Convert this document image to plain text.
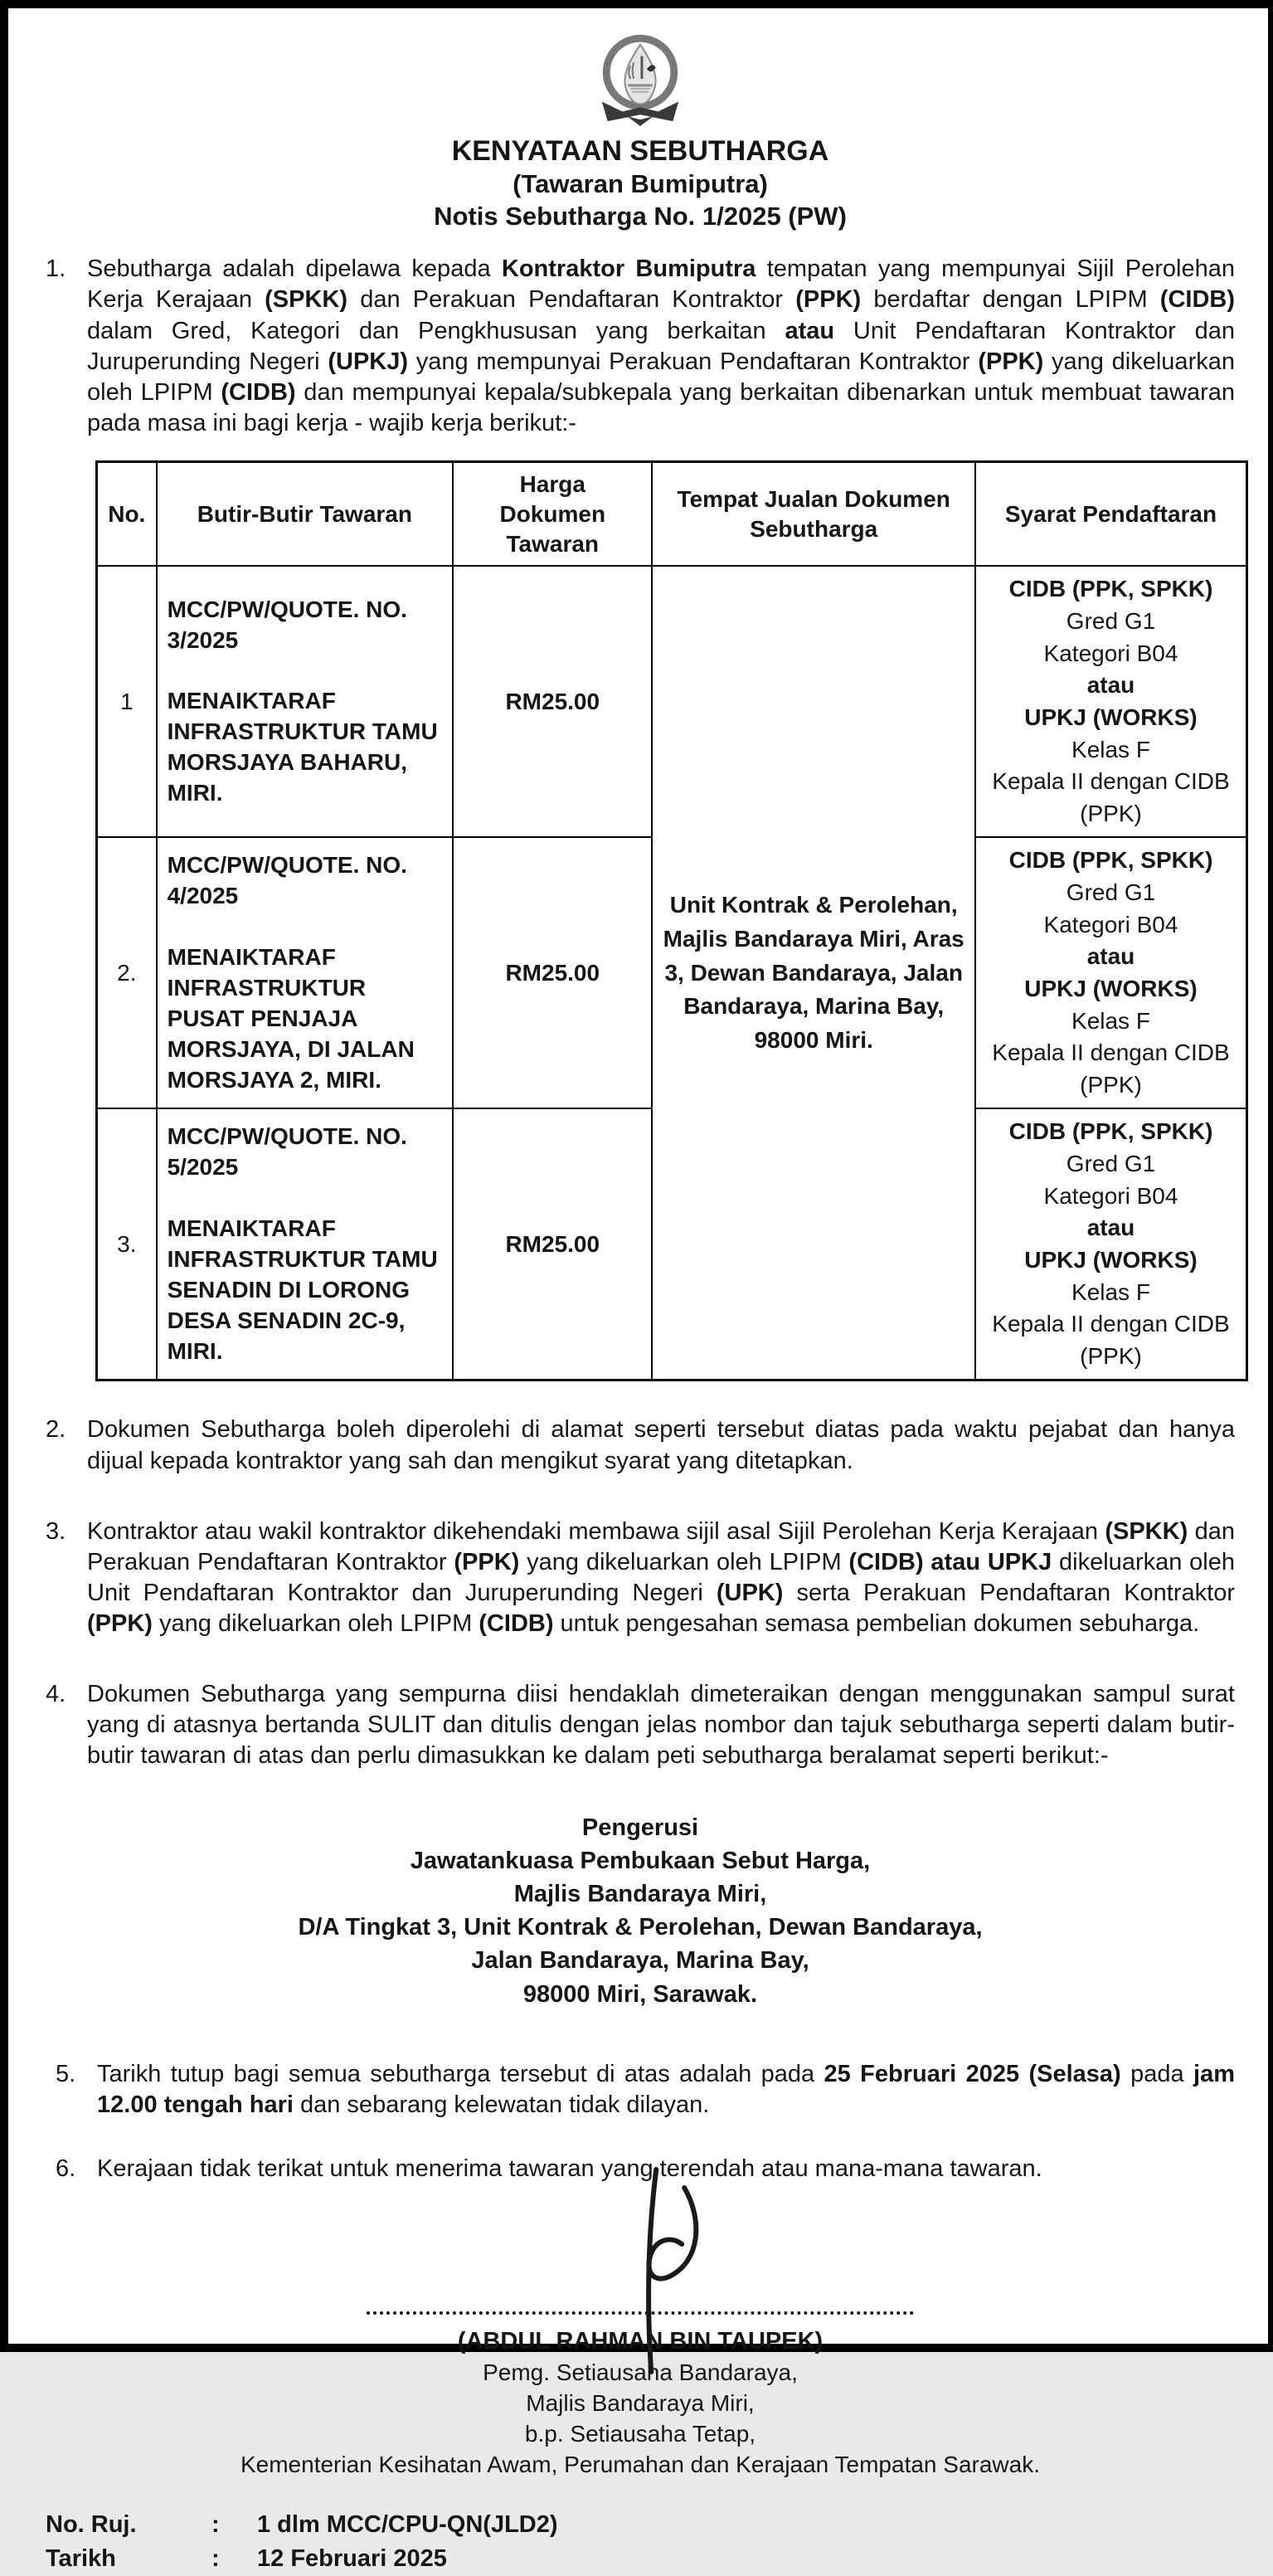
KENYATAAN SEBUTHARGA
(Tawaran Bumiputra)
Notis Sebutharga No. 1/2025 (PW)
1. Sebutharga adalah dipelawa kepada Kontraktor Bumiputra tempatan yang mempunyai Sijil Perolehan Kerja Kerajaan (SPKK) dan Perakuan Pendaftaran Kontraktor (PPK) berdaftar dengan LPIPM (CIDB) dalam Gred, Kategori dan Pengkhususan yang berkaitan atau Unit Pendaftaran Kontraktor dan Juruperunding Negeri (UPKJ) yang mempunyai Perakuan Pendaftaran Kontraktor (PPK) yang dikeluarkan oleh LPIPM (CIDB) dan mempunyai kepala/subkepala yang berkaitan dibenarkan untuk membuat tawaran pada masa ini bagi kerja - wajib kerja berikut:-
No.	Butir-Butir Tawaran	Harga Dokumen Tawaran	Tempat Jualan Dokumen Sebutharga	Syarat Pendaftaran
1	MCC/PW/QUOTE. NO. 3/2025

MENAIKTARAF INFRASTRUKTUR TAMU MORSJAYA BAHARU, MIRI.	RM25.00	Unit Kontrak & Perolehan, Majlis Bandaraya Miri, Aras 3, Dewan Bandaraya, Jalan Bandaraya, Marina Bay, 98000 Miri.	CIDB (PPK, SPKK)
Gred G1
Kategori B04
atau
UPKJ (WORKS)
Kelas F
Kepala II dengan CIDB (PPK)
2.	MCC/PW/QUOTE. NO. 4/2025

MENAIKTARAF INFRASTRUKTUR PUSAT PENJAJA MORSJAYA, DI JALAN MORSJAYA 2, MIRI.	RM25.00	CIDB (PPK, SPKK)
Gred G1
Kategori B04
atau
UPKJ (WORKS)
Kelas F
Kepala II dengan CIDB (PPK)
3.	MCC/PW/QUOTE. NO. 5/2025

MENAIKTARAF INFRASTRUKTUR TAMU SENADIN DI LORONG DESA SENADIN 2C-9, MIRI.	RM25.00	CIDB (PPK, SPKK)
Gred G1
Kategori B04
atau
UPKJ (WORKS)
Kelas F
Kepala II dengan CIDB (PPK)
2. Dokumen Sebutharga boleh diperolehi di alamat seperti tersebut diatas pada waktu pejabat dan hanya dijual kepada kontraktor yang sah dan mengikut syarat yang ditetapkan.
3. Kontraktor atau wakil kontraktor dikehendaki membawa sijil asal Sijil Perolehan Kerja Kerajaan (SPKK) dan Perakuan Pendaftaran Kontraktor (PPK) yang dikeluarkan oleh LPIPM (CIDB) atau UPKJ dikeluarkan oleh Unit Pendaftaran Kontraktor dan Juruperunding Negeri (UPK) serta Perakuan Pendaftaran Kontraktor (PPK) yang dikeluarkan oleh LPIPM (CIDB) untuk pengesahan semasa pembelian dokumen sebuharga.
4. Dokumen Sebutharga yang sempurna diisi hendaklah dimeteraikan dengan menggunakan sampul surat yang di atasnya bertanda SULIT dan ditulis dengan jelas nombor dan tajuk sebutharga seperti dalam butir-butir tawaran di atas dan perlu dimasukkan ke dalam peti sebutharga beralamat seperti berikut:-
Pengerusi
Jawatankuasa Pembukaan Sebut Harga,
Majlis Bandaraya Miri,
D/A Tingkat 3, Unit Kontrak & Perolehan, Dewan Bandaraya,
Jalan Bandaraya, Marina Bay,
98000 Miri, Sarawak.
5. Tarikh tutup bagi semua sebutharga tersebut di atas adalah pada 25 Februari 2025 (Selasa) pada jam 12.00 tengah hari dan sebarang kelewatan tidak dilayan.
6. Kerajaan tidak terikat untuk menerima tawaran yang terendah atau mana-mana tawaran.
(ABDUL RAHMAN BIN TAUPEK)
Pemg. Setiausaha Bandaraya,
Majlis Bandaraya Miri,
b.p. Setiausaha Tetap,
Kementerian Kesihatan Awam, Perumahan dan Kerajaan Tempatan Sarawak.
No. Ruj.	:	1 dlm MCC/CPU-QN(JLD2)
Tarikh	:	12 Februari 2025
